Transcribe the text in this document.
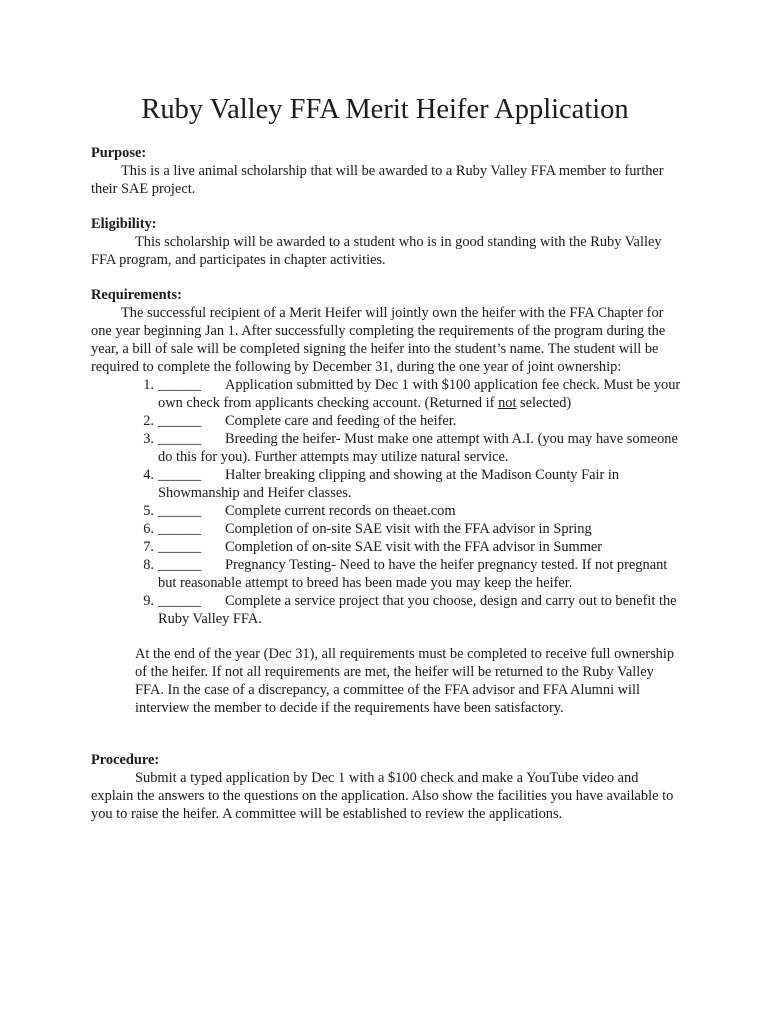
Ruby Valley FFA Merit Heifer Application
Purpose:

This is a live animal scholarship that will be awarded to a Ruby Valley FFA member to further their SAE project.

Eligibility:

This scholarship will be awarded to a student who is in good standing with the Ruby Valley FFA program, and participates in chapter activities.

Requirements:

The successful recipient of a Merit Heifer will jointly own the heifer with the FFA Chapter for one year beginning Jan 1. After successfully completing the requirements of the program during the year, a bill of sale will be completed signing the heifer into the student’s name. The student will be required to complete the following by December 31, during the one year of joint ownership:

1. ______ Application submitted by Dec 1 with $100 application fee check. Must be your own check from applicants checking account. (Returned if not selected)
2. ______ Complete care and feeding of the heifer.
3. ______ Breeding the heifer- Must make one attempt with A.I. (you may have someone do this for you). Further attempts may utilize natural service.
4. ______ Halter breaking clipping and showing at the Madison County Fair in Showmanship and Heifer classes.
5. ______ Complete current records on theaet.com
6. ______ Completion of on-site SAE visit with the FFA advisor in Spring
7. ______ Completion of on-site SAE visit with the FFA advisor in Summer
8. ______ Pregnancy Testing- Need to have the heifer pregnancy tested. If not pregnant but reasonable attempt to breed has been made you may keep the heifer.
9. ______ Complete a service project that you choose, design and carry out to benefit the Ruby Valley FFA.

At the end of the year (Dec 31), all requirements must be completed to receive full ownership of the heifer. If not all requirements are met, the heifer will be returned to the Ruby Valley FFA. In the case of a discrepancy, a committee of the FFA advisor and FFA Alumni will interview the member to decide if the requirements have been satisfactory.

Procedure:

Submit a typed application by Dec 1 with a $100 check and make a YouTube video and explain the answers to the questions on the application. Also show the facilities you have available to you to raise the heifer. A committee will be established to review the applications.
